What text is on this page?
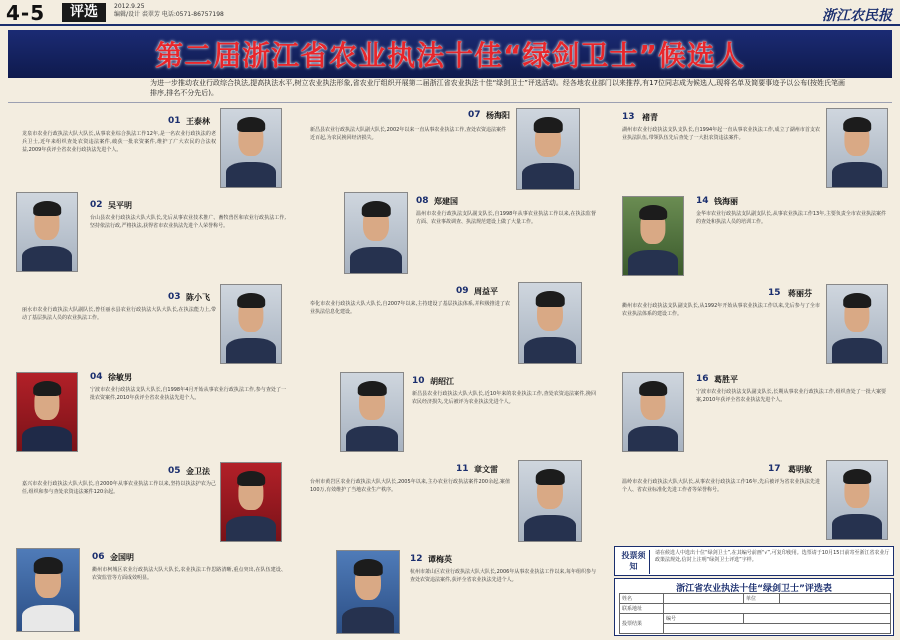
4-5	评选	2012.9.25
编辑/设计 裘翠芳 电话:0571-86757198	浙江农民报
第二届浙江省农业执法十佳“绿剑卫士”候选人
为进一步推动农业行政综合执法,提高执法水平,树立农业执法形象,省农业厅组织开展第二届浙江省农业执法十佳“绿剑卫士”评选活动。经各地农业部门以来推荐,有17位同志成为候选人,现将名单及简要事迹予以公布(按姓氏笔画排序,排名不分先后)。
01 王泰林
龙泉市农业行政执法大队大队长,从事农业综合执法工作12年,是一名农业行政执法的老兵卫士,近年来组织查处农资违法案件,破获一批农资案件,维护了广大农民的合法权益,2009年获评全省农业行政执法先进个人。
02 吴平明
台山县农业行政执法大队大队长,先后从事农业技术推广、畜牧兽医和农业行政执法工作,坚持依法行政,严格执法,获得省市农业执法先进个人荣誉称号。
03 陈小飞
丽水市农业行政执法大队副队长,曾任丽水县农业行政执法大队大队长,在执法能力上,带动了基层执法人员的农业执法工作。
04 徐敏男
宁波市农业行政执法支队大队长,自1998年4月开始从事农业行政执法工作,参与查处了一批农资案件,2010年获评全省农业执法先进个人。
05 金卫法
嘉兴市农业行政执法大队大队长,自2000年从事农业执法工作以来,坚持以执法护农为己任,组织和参与查处农资违法案件120余起。
06 金国明
衢州市柯城区农业行政执法大队大队长,农业执法工作思路清晰,重点突出,在队伍建设、农资监管等方面成效明显。
07 杨海阳
新昌县农业行政执法大队副大队长,2002年以来一直从事农业执法工作,查处农资违法案件近百起,为农民挽回经济损失。
08 郑建国
温州市农业行政执法支队副支队长,自1998年从事农业执法工作以来,在执法监督方面、农业事故调查、执法规范建设上做了大量工作。
09 周益平
奉化市农业行政执法大队大队长,自2007年以来,主持建设了基层执法体系,并积极推进了农业执法信息化建设。
10 胡绍江
新昌县农业行政执法大队大队长,近10年来的农业执法工作,查处农资违法案件,挽回农民经济损失,先后被评为农业执法先进个人。
11 章文雷
台州市黄岩区农业行政执法大队大队长,2005年以来,主办农业行政执法案件200余起,案值100万,有效维护了当地农业生产秩序。
12 谭梅英
杭州市萧山区农业行政执法大队大队长,2006年从事农业执法工作以来,每年组织参与查处农资违法案件,获评全省农业执法先进个人。
13 褚青
湖州市农业行政执法支队支队长,自1994年起一直从事农业执法工作,成立了湖州市首支农业执法队伍,带领队伍先后查处了一大批农资违法案件。
14 钱海丽
金华市农业行政执法支队副支队长,从事农业执法工作13年,主要负责全市农业执法案件的查处和执法人员的培训工作。
15 蒋丽芬
衢州市农业行政执法支队副支队长,从1992年开始从事农业执法工作以来,先后参与了全市农业执法体系的建设工作。
16 葛胜平
宁波市农业行政执法支队副支队长,长期从事农业行政执法工作,组织查处了一批大案要案,2010年获评全省农业执法先进个人。
17 葛明敏
温岭市农业行政执法大队大队长,从事农业行政执法工作16年,先后被评为省农业执法先进个人、省农业标准化先进工作者等荣誉称号。
投票须知
请在候选人中选出十位“绿剑卫士”,在其编号前画“√”,可复印使用。选票请于10月15日前寄至浙江省农业厅政策法规处,信封上注明“绿剑卫士评选”字样。
浙江省农业执法十佳“绿剑卫士”评选表
姓名		单位	
联系地址			
投票结果	编号		
